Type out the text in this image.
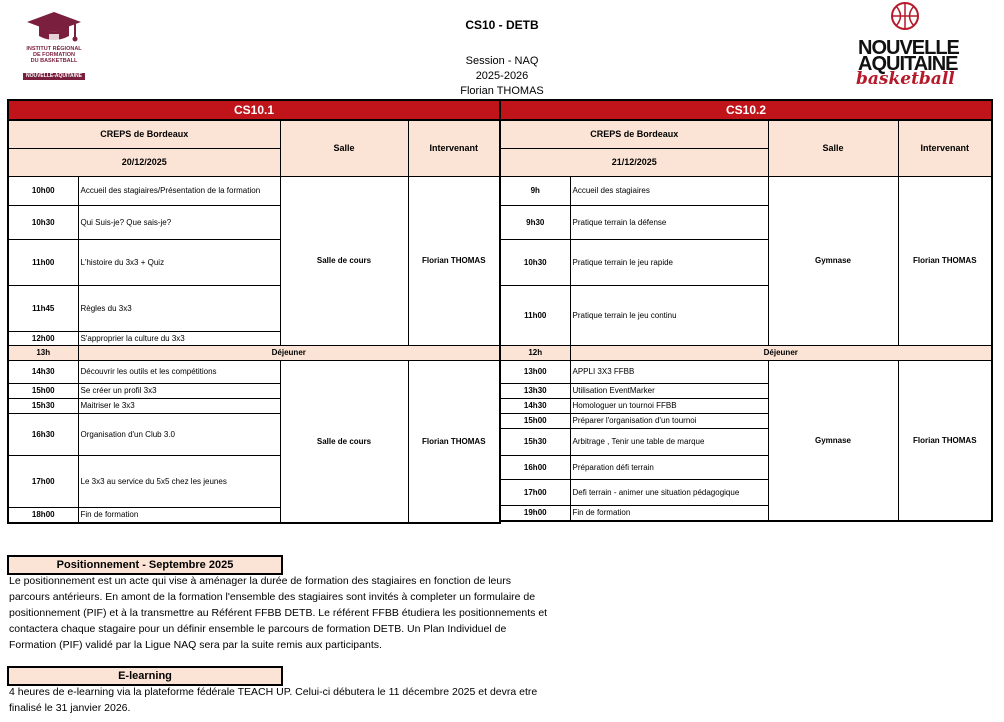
INSTITUT RÉGIONAL
DE FORMATION
DU BASKETBALL
NOUVELLE-AQUITAINE
CS10 - DETB
Session - NAQ
2025-2026
Florian THOMAS
NOUVELLE
AQUITAINE
basketball
CS10.1			
CREPS de Bordeaux		Salle	Intervenant
20/12/2025			
10h00	Accueil des stagiaires/Présentation de la formation	Salle de cours	Florian THOMAS
10h30	Qui Suis-je? Que sais-je?		
11h00	L'histoire du 3x3 + Quiz		
11h45	Règles du 3x3		
12h00	S'approprier la culture du 3x3		
13h	Déjeuner		
14h30	Découvrir les outils et les compétitions	Salle de cours	Florian THOMAS
15h00	Se créer un profil 3x3		
15h30	Maitriser le 3x3		
16h30	Organisation d'un Club 3.0		
17h00	Le 3x3 au service du 5x5 chez les jeunes		
18h00	Fin de formation		
CS10.2			
CREPS de Bordeaux		Salle	Intervenant
21/12/2025			
9h	Accueil des stagiaires	Gymnase	Florian THOMAS
9h30	Pratique terrain la défense		
10h30	Pratique terrain le jeu rapide		
11h00	Pratique terrain le jeu continu		
12h	Déjeuner		
13h00	APPLI 3X3 FFBB	Gymnase	Florian THOMAS
13h30	Utilisation EventMarker		
14h30	Homologuer un tournoi FFBB		
15h00	Préparer l'organisation d'un tournoi		
15h30	Arbitrage , Tenir une table de marque		
16h00	Préparation défi terrain		
17h00	Defi terrain - animer une situation pédagogique		
19h00	Fin de formation		
Positionnement - Septembre 2025
Le positionnement est un acte qui vise à aménager la durée de formation des stagiaires en fonction de leurs
parcours antérieurs. En amont de la formation l'ensemble des stagiaires sont invités à completer un formulaire de
positionnement (PIF) et à la transmettre au Référent FFBB DETB. Le référent FFBB étudiera les positionnements et
contactera chaque stagaire pour un définir ensemble le parcours de formation DETB. Un Plan Individuel de
Formation (PIF) validé par la Ligue NAQ sera par la suite remis aux participants.
E-learning
4 heures de e-learning via la plateforme fédérale TEACH UP. Celui-ci débutera le 11 décembre 2025 et devra etre
finalisé le 31 janvier 2026.
